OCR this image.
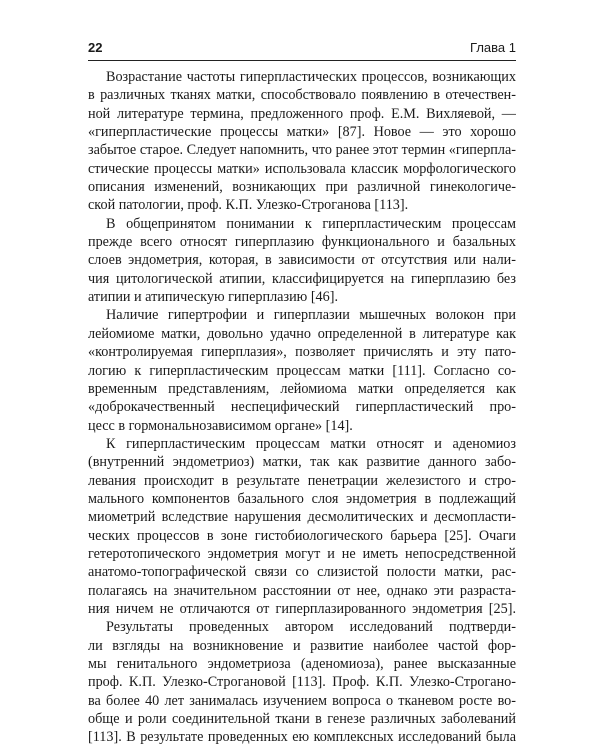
22	Глава 1
Возрастание частоты гиперпластических процессов, возникающих
в различных тканях матки, способствовало появлению в отечествен-
ной литературе термина, предложенного проф. Е.М. Вихляевой, —
«гиперпластические процессы матки» [87]. Новое — это хорошо
забытое старое. Следует напомнить, что ранее этот термин «гиперпла-
стические процессы матки» использовала классик морфологического
описания изменений, возникающих при различной гинекологиче-
ской патологии, проф. К.П. Улезко-Строганова [113].
В общепринятом понимании к гиперпластическим процессам
прежде всего относят гиперплазию функционального и базальных
слоев эндометрия, которая, в зависимости от отсутствия или нали-
чия цитологической атипии, классифицируется на гиперплазию без
атипии и атипическую гиперплазию [46].
Наличие гипертрофии и гиперплазии мышечных волокон при
лейомиоме матки, довольно удачно определенной в литературе как
«контролируемая гиперплазия», позволяет причислять и эту пато-
логию к гиперпластическим процессам матки [111]. Согласно со-
временным представлениям, лейомиома матки определяется как
«доброкачественный неспецифический гиперпластический про-
цесс в гормональнозависимом органе» [14].
К гиперпластическим процессам матки относят и аденомиоз
(внутренний эндометриоз) матки, так как развитие данного забо-
левания происходит в результате пенетрации железистого и стро-
мального компонентов базального слоя эндометрия в подлежащий
миометрий вследствие нарушения десмолитических и десмопласти-
ческих процессов в зоне гистобиологического барьера [25]. Очаги
гетеротопического эндометрия могут и не иметь непосредственной
анатомо-топографической связи со слизистой полости матки, рас-
полагаясь на значительном расстоянии от нее, однако эти разраста-
ния ничем не отличаются от гиперплазированного эндометрия [25].
Результаты проведенных автором исследований подтверди-
ли взгляды на возникновение и развитие наиболее частой фор-
мы генитального эндометриоза (аденомиоза), ранее высказанные
проф. К.П. Улезко-Строгановой [113]. Проф. К.П. Улезко-Строгано-
ва более 40 лет занималась изучением вопроса о тканевом росте во-
обще и роли соединительной ткани в генезе различных заболеваний
[113]. В результате проведенных ею комплексных исследований была
